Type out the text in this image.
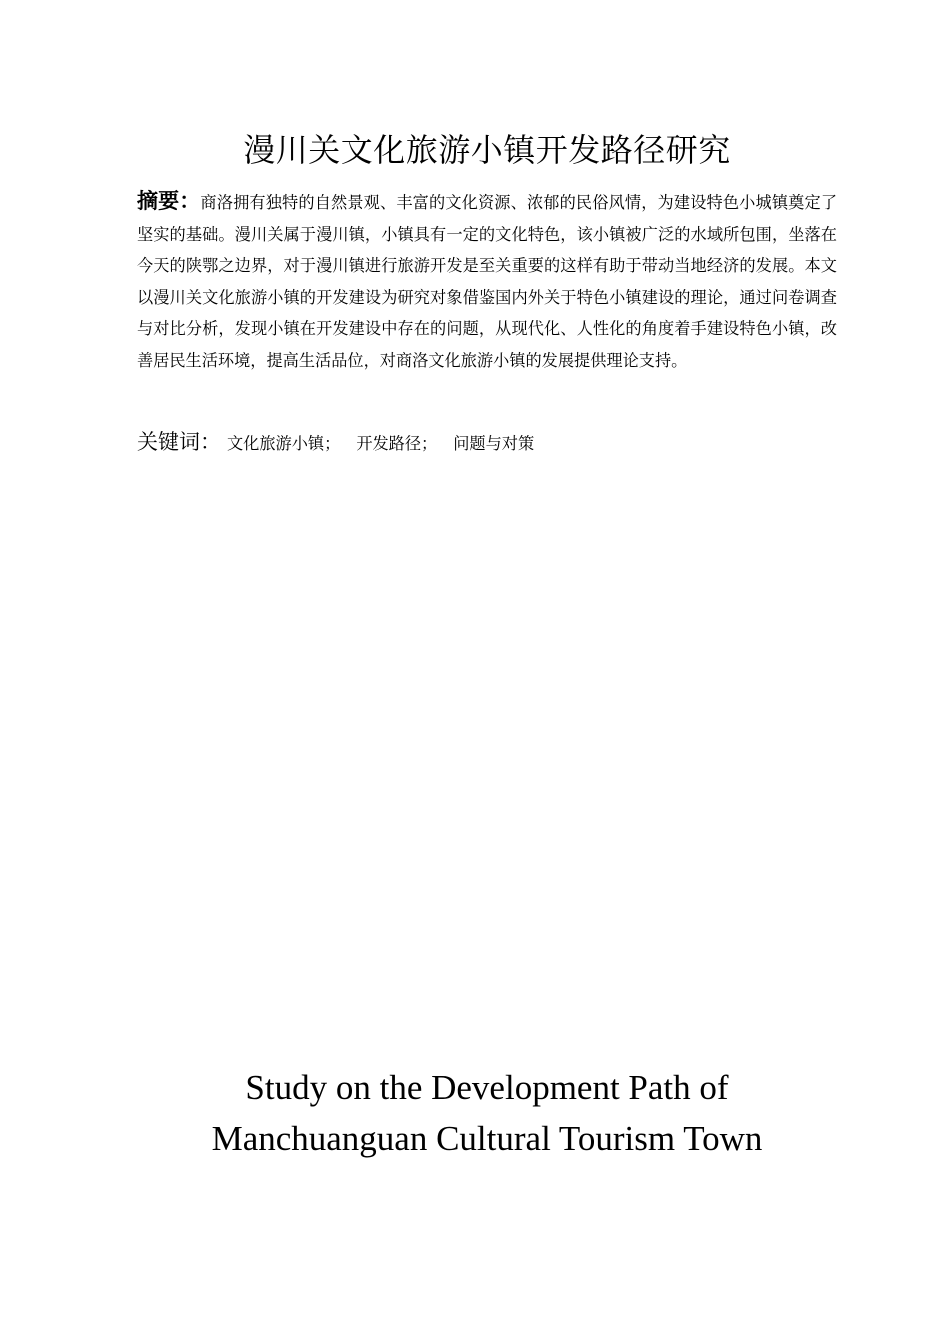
漫川关文化旅游小镇开发路径研究

摘要：商洛拥有独特的自然景观、丰富的文化资源、浓郁的民俗风情，为建设特色小城镇奠定了坚实的基础。漫川关属于漫川镇，小镇具有一定的文化特色，该小镇被广泛的水域所包围，坐落在今天的陕鄂之边界，对于漫川镇进行旅游开发是至关重要的这样有助于带动当地经济的发展。本文以漫川关文化旅游小镇的开发建设为研究对象借鉴国内外关于特色小镇建设的理论，通过问卷调查与对比分析，发现小镇在开发建设中存在的问题，从现代化、人性化的角度着手建设特色小镇，改善居民生活环境，提高生活品位，对商洛文化旅游小镇的发展提供理论支持。

关键词： 文化旅游小镇； 开发路径； 问题与对策

Study on the Development Path of
Manchuanguan Cultural Tourism Town
